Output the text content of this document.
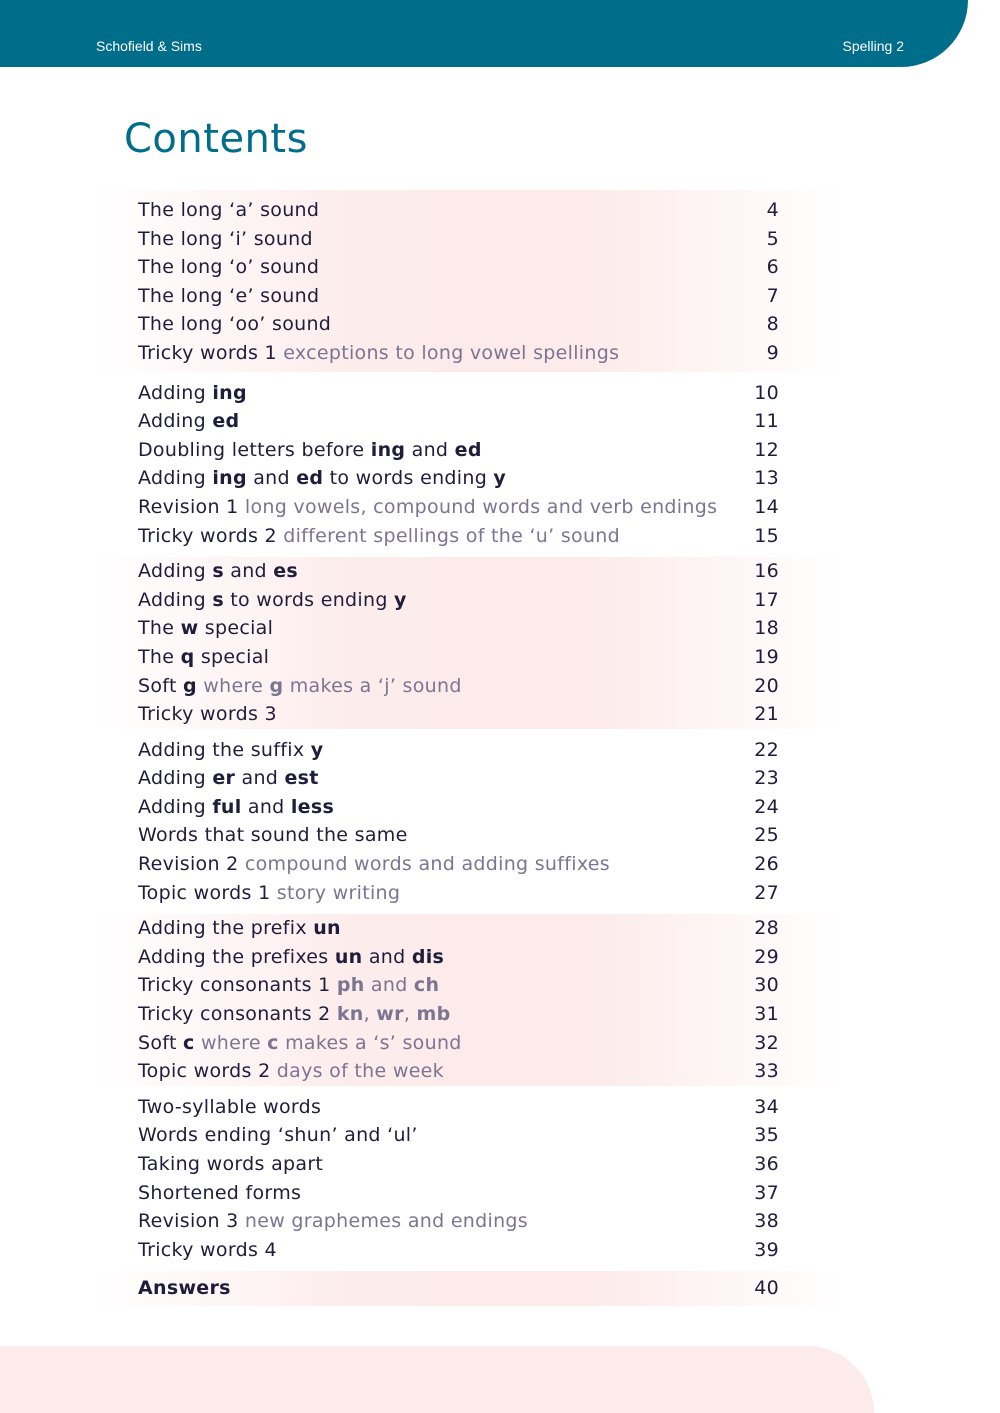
Schofield & Sims	Spelling 2
Contents
The long ‘a’ sound	4
The long ‘i’ sound	5
The long ‘o’ sound	6
The long ‘e’ sound	7
The long ‘oo’ sound	8
Tricky words 1 exceptions to long vowel spellings	9
Adding ing	10
Adding ed	11
Doubling letters before ing and ed	12
Adding ing and ed to words ending y	13
Revision 1 long vowels, compound words and verb endings 14
Tricky words 2 different spellings of the ‘u’ sound	15
Adding s and es	16
Adding s to words ending y	17
The w special	18
The q special	19
Soft g where g makes a ‘j’ sound	20
Tricky words 3	21
Adding the suffix y	22
Adding er and est	23
Adding ful and less	24
Words that sound the same	25
Revision 2 compound words and adding suffixes	26
Topic words 1 story writing	27
Adding the prefix un	28
Adding the prefixes un and dis	29
Tricky consonants 1 ph and ch	30
Tricky consonants 2 kn, wr, mb	31
Soft c where c makes a ‘s’ sound	32
Topic words 2 days of the week	33
Two-syllable words	34
Words ending ‘shun’ and ‘ul’	35
Taking words apart	36
Shortened forms	37
Revision 3 new graphemes and endings	38
Tricky words 4	39
Answers	40
